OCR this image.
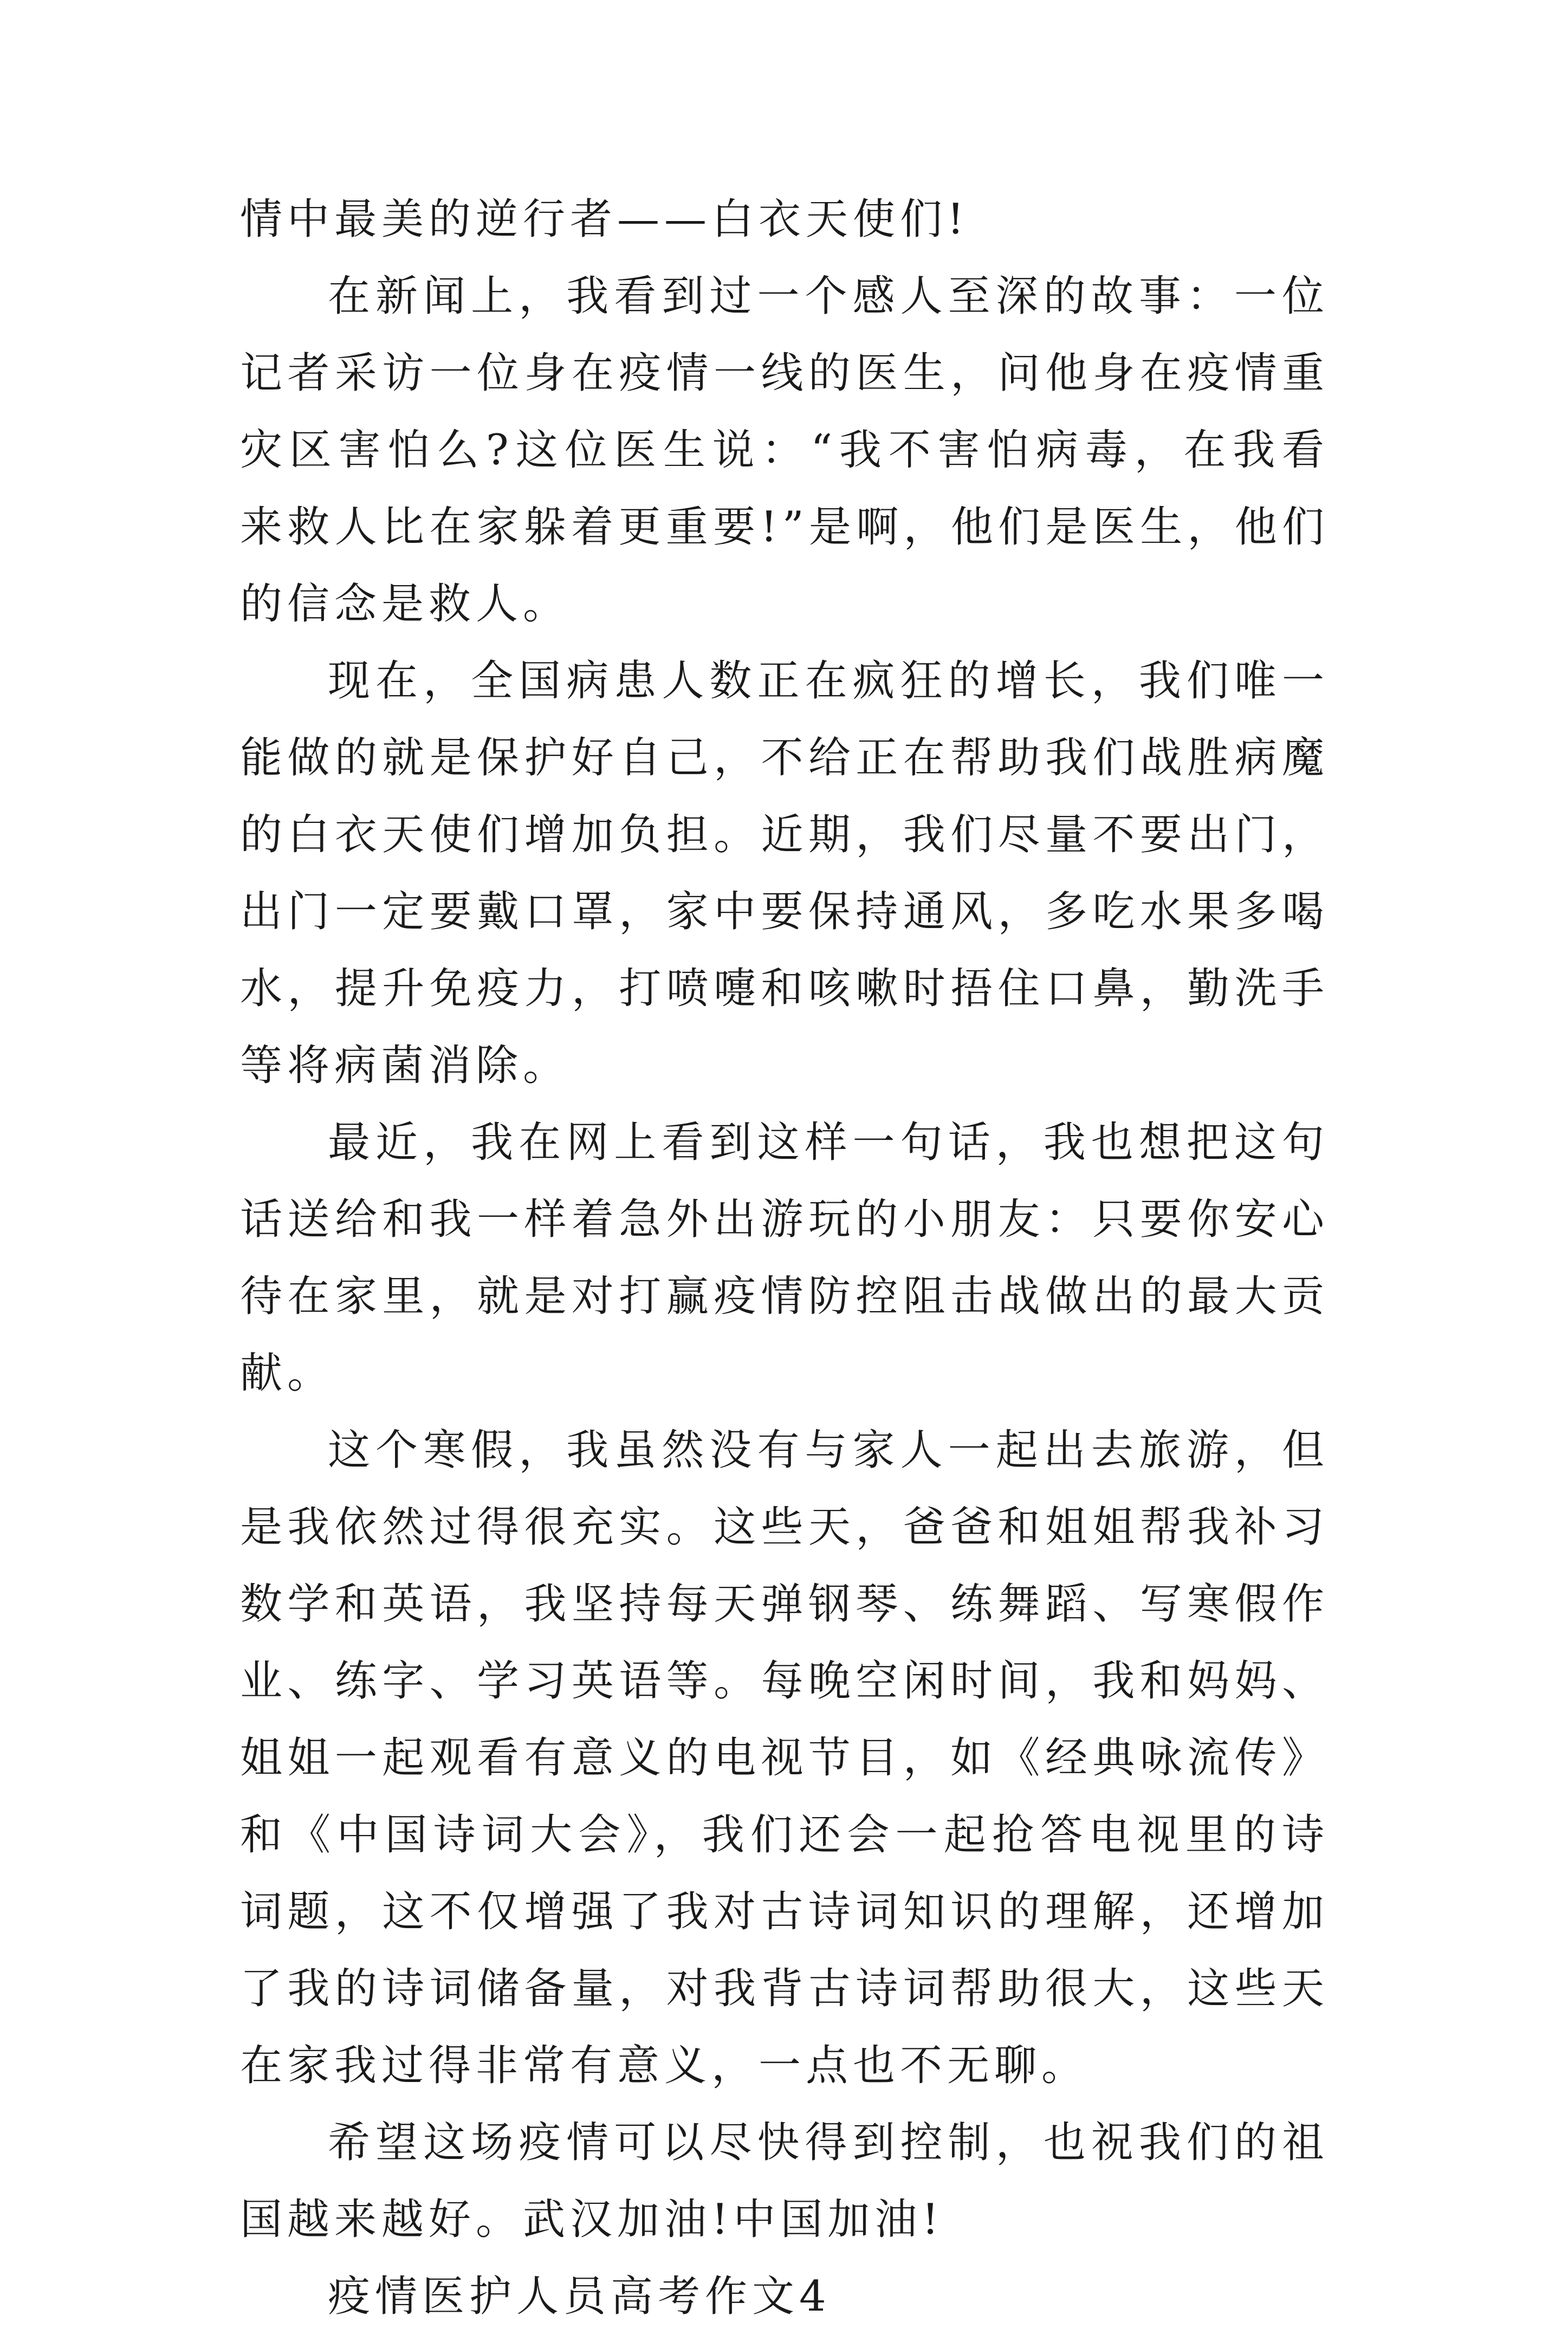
情中最美的逆行者——白衣天使们!

在新闻上，我看到过一个感人至深的故事：一位记者采访一位身在疫情一线的医生，问他身在疫情重灾区害怕么?这位医生说：“我不害怕病毒，在我看来救人比在家躲着更重要!”是啊，他们是医生，他们的信念是救人。

现在，全国病患人数正在疯狂的增长，我们唯一能做的就是保护好自己，不给正在帮助我们战胜病魔的白衣天使们增加负担。近期，我们尽量不要出门，出门一定要戴口罩，家中要保持通风，多吃水果多喝水，提升免疫力，打喷嚏和咳嗽时捂住口鼻，勤洗手等将病菌消除。

最近，我在网上看到这样一句话，我也想把这句话送给和我一样着急外出游玩的小朋友：只要你安心待在家里，就是对打赢疫情防控阻击战做出的最大贡献。

这个寒假，我虽然没有与家人一起出去旅游，但是我依然过得很充实。这些天，爸爸和姐姐帮我补习数学和英语，我坚持每天弹钢琴、练舞蹈、写寒假作业、练字、学习英语等。每晚空闲时间，我和妈妈、姐姐一起观看有意义的电视节目，如《经典咏流传》和《中国诗词大会》，我们还会一起抢答电视里的诗词题，这不仅增强了我对古诗词知识的理解，还增加了我的诗词储备量，对我背古诗词帮助很大，这些天在家我过得非常有意义，一点也不无聊。

希望这场疫情可以尽快得到控制，也祝我们的祖国越来越好。武汉加油!中国加油!

疫情医护人员高考作文4
